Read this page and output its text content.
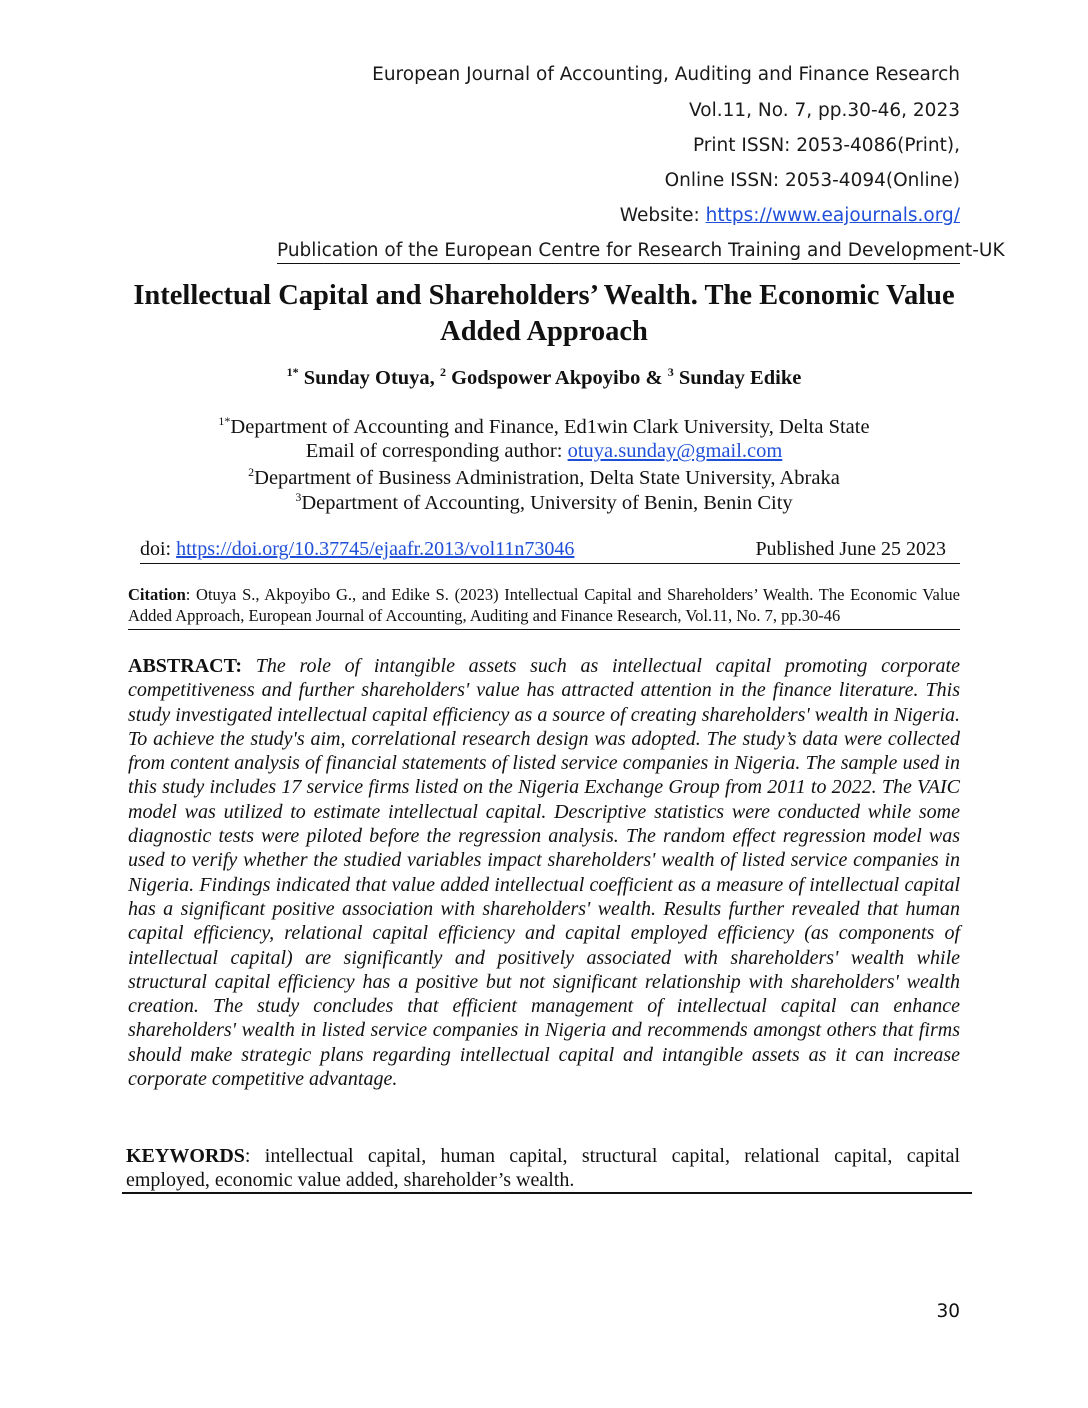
European Journal of Accounting, Auditing and Finance Research
Vol.11, No. 7, pp.30-46, 2023
Print ISSN: 2053-4086(Print),
Online ISSN: 2053-4094(Online)
Website: https://www.eajournals.org/
Publication of the European Centre for Research Training and Development-UK
Intellectual Capital and Shareholders’ Wealth. The Economic Value Added Approach
$^{1*}$ Sunday Otuya, $^2$ Godspower Akpoyibo & $^3$ Sunday Edike
$^{1*}$Department of Accounting and Finance, Ed1win Clark University, Delta State
Email of corresponding author: otuya.sunday@gmail.com
$^2$Department of Business Administration, Delta State University, Abraka
$^3$Department of Accounting, University of Benin, Benin City
doi: https://doi.org/10.37745/ejaafr.2013/vol11n73046	Published June 25 2023
Citation: Otuya S., Akpoyibo G., and Edike S. (2023) Intellectual Capital and Shareholders’ Wealth. The Economic Value Added Approach, European Journal of Accounting, Auditing and Finance Research, Vol.11, No. 7, pp.30-46
ABSTRACT: The role of intangible assets such as intellectual capital promoting corporate competitiveness and further shareholders' value has attracted attention in the finance literature. This study investigated intellectual capital efficiency as a source of creating shareholders' wealth in Nigeria. To achieve the study's aim, correlational research design was adopted. The study’s data were collected from content analysis of financial statements of listed service companies in Nigeria. The sample used in this study includes 17 service firms listed on the Nigeria Exchange Group from 2011 to 2022. The VAIC model was utilized to estimate intellectual capital. Descriptive statistics were conducted while some diagnostic tests were piloted before the regression analysis. The random effect regression model was used to verify whether the studied variables impact shareholders' wealth of listed service companies in Nigeria. Findings indicated that value added intellectual coefficient as a measure of intellectual capital has a significant positive association with shareholders' wealth. Results further revealed that human capital efficiency, relational capital efficiency and capital employed efficiency (as components of intellectual capital) are significantly and positively associated with shareholders' wealth while structural capital efficiency has a positive but not significant relationship with shareholders' wealth creation. The study concludes that efficient management of intellectual capital can enhance shareholders' wealth in listed service companies in Nigeria and recommends amongst others that firms should make strategic plans regarding intellectual capital and intangible assets as it can increase corporate competitive advantage.
KEYWORDS: intellectual capital, human capital, structural capital, relational capital, capital employed, economic value added, shareholder’s wealth.
30
